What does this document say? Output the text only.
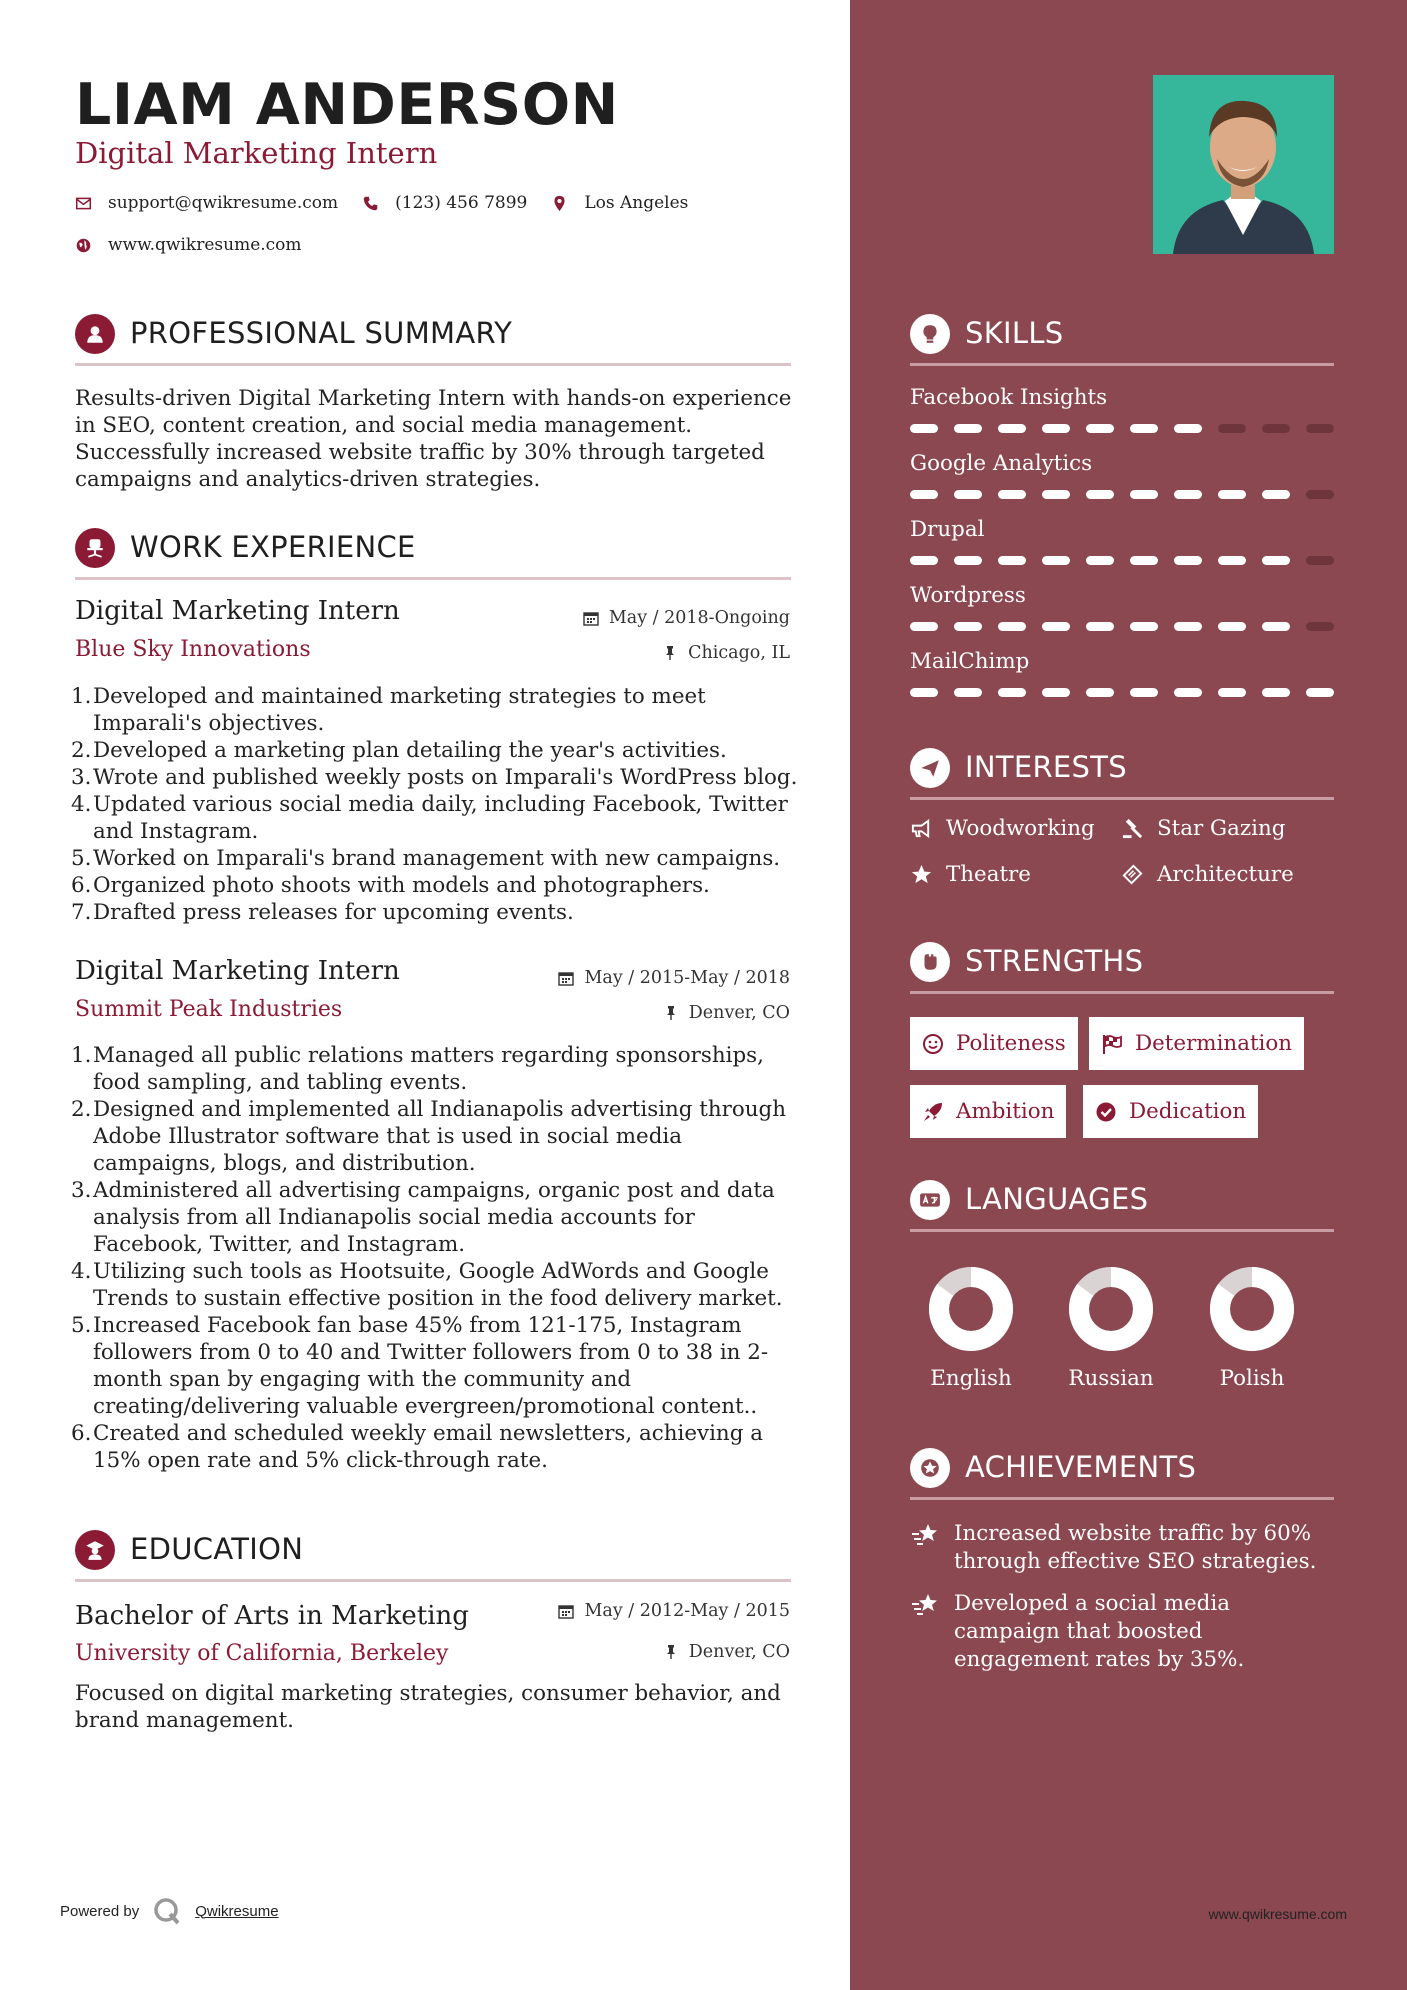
LIAM ANDERSON
Digital Marketing Intern
support@qwikresume.com	(123) 456 7899	Los Angeles
www.qwikresume.com
PROFESSIONAL SUMMARY
Results-driven Digital Marketing Intern with hands-on experience in SEO, content creation, and social media management. Successfully increased website traffic by 30% through targeted campaigns and analytics-driven strategies.
WORK EXPERIENCE
Digital Marketing Intern	May / 2018-Ongoing
Blue Sky Innovations	Chicago, IL
Developed and maintained marketing strategies to meet Imparali's objectives.
Developed a marketing plan detailing the year's activities.
Wrote and published weekly posts on Imparali's WordPress blog.
Updated various social media daily, including Facebook, Twitter and Instagram.
Worked on Imparali's brand management with new campaigns.
Organized photo shoots with models and photographers.
Drafted press releases for upcoming events.
Digital Marketing Intern	May / 2015-May / 2018
Summit Peak Industries	Denver, CO
Managed all public relations matters regarding sponsorships, food sampling, and tabling events.
Designed and implemented all Indianapolis advertising through Adobe Illustrator software that is used in social media campaigns, blogs, and distribution.
Administered all advertising campaigns, organic post and data analysis from all Indianapolis social media accounts for Facebook, Twitter, and Instagram.
Utilizing such tools as Hootsuite, Google AdWords and Google Trends to sustain effective position in the food delivery market.
Increased Facebook fan base 45% from 121-175, Instagram followers from 0 to 40 and Twitter followers from 0 to 38 in 2-month span by engaging with the community and creating/delivering valuable evergreen/promotional content..
Created and scheduled weekly email newsletters, achieving a 15% open rate and 5% click-through rate.
EDUCATION
Bachelor of Arts in Marketing	May / 2012-May / 2015
University of California, Berkeley	Denver, CO
Focused on digital marketing strategies, consumer behavior, and brand management.
Powered by	Qwikresume
SKILLS
Facebook Insights
Google Analytics
Drupal
Wordpress
MailChimp
INTERESTS
Woodworking	Star Gazing
Theatre	Architecture
STRENGTHS
Politeness	Determination
Ambition	Dedication
LANGUAGES
English	Russian	Polish
ACHIEVEMENTS
Increased website traffic by 60% through effective SEO strategies.
Developed a social media campaign that boosted engagement rates by 35%.
www.qwikresume.com
